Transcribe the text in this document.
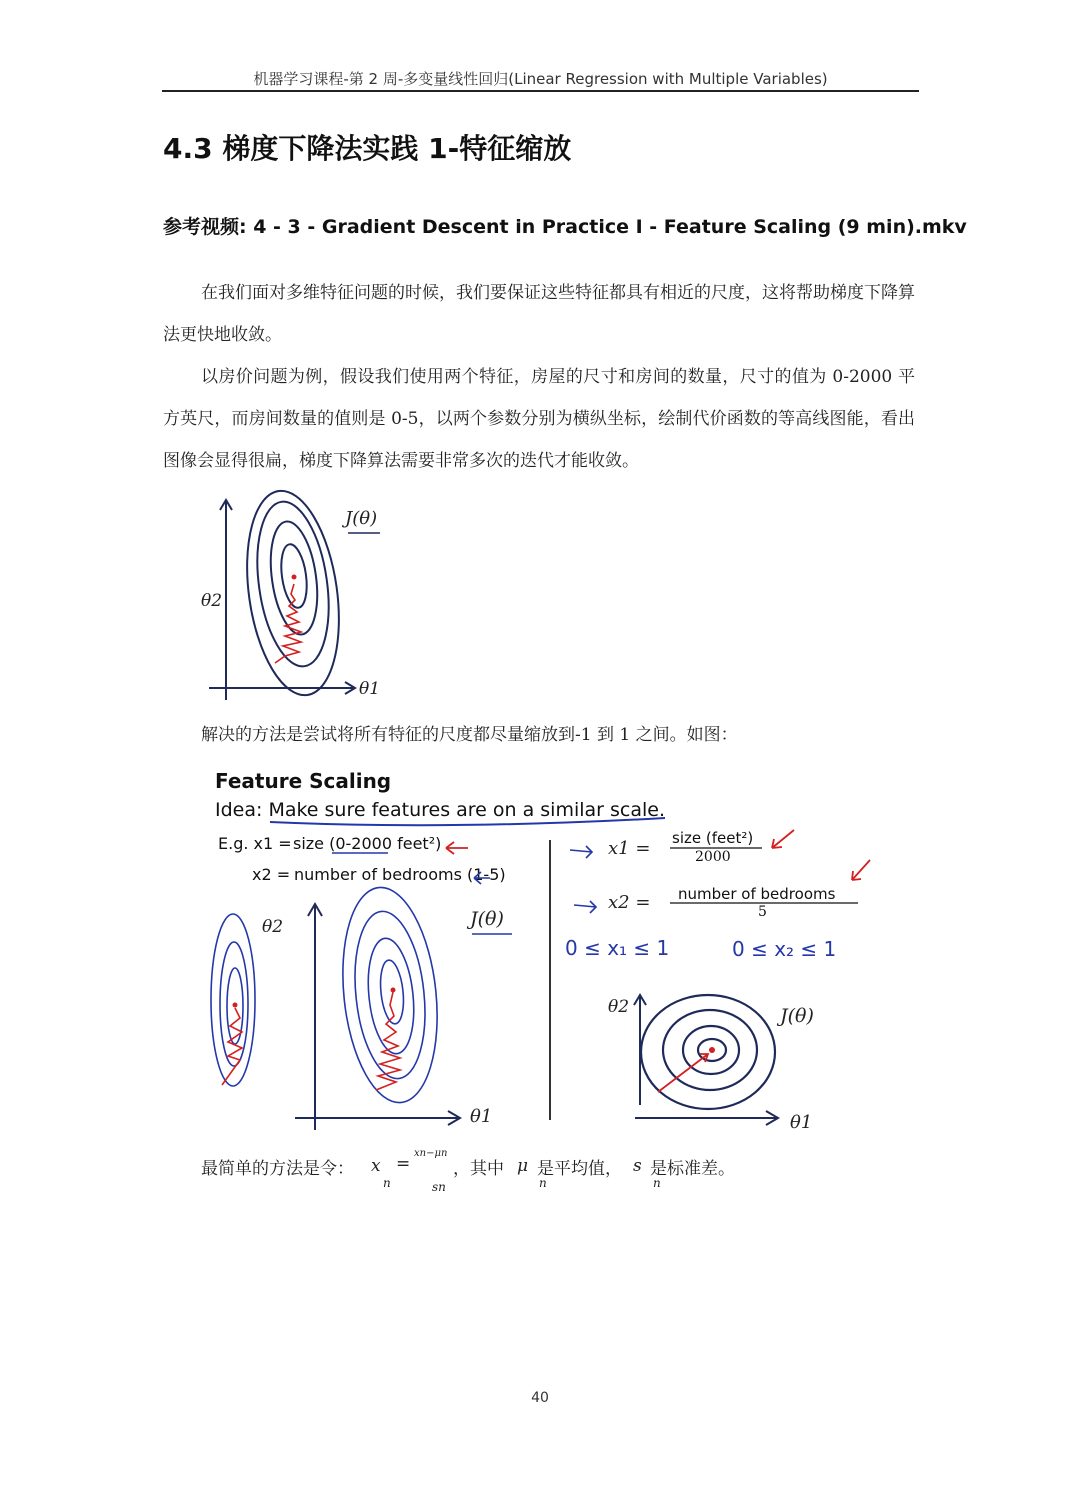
机器学习课程-第 2 周-多变量线性回归(Linear Regression with Multiple Variables)
4.3 梯度下降法实践 1-特征缩放
参考视频: 4 - 3 - Gradient Descent in Practice I - Feature Scaling (9 min).mkv
在我们面对多维特征问题的时候，我们要保证这些特征都具有相近的尺度，这将帮助梯度下降算法更快地收敛。
以房价问题为例，假设我们使用两个特征，房屋的尺寸和房间的数量，尺寸的值为 0-2000 平方英尺，而房间数量的值则是 0-5，以两个参数分别为横纵坐标，绘制代价函数的等高线图能，看出图像会显得很扁，梯度下降算法需要非常多次的迭代才能收敛。
J(θ)
θ2
θ1
解决的方法是尝试将所有特征的尺度都尽量缩放到-1 到 1 之间。如图：
Feature Scaling
Idea: Make sure features are on a similar scale.
E.g. x1 = size (0-2000 feet²)
x2 = number of bedrooms (1-5)
x1 = size (feet²)
2000
x2 = number of bedrooms
5
0 ≤ x₁ ≤ 1	0 ≤ x₂ ≤ 1
θ2	J(θ)
θ1
θ2	J(θ)
θ1
最简单的方法是令： x
n
=
xn−μn
sn
，其中 μ
n
是平均值， s
n
是标准差。
40
